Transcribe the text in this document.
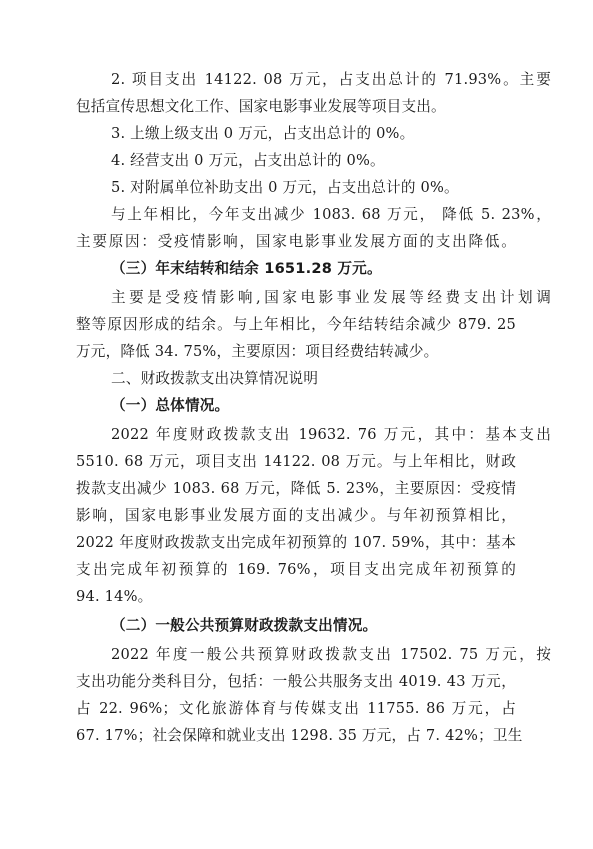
2. 项目支出 14122. 08 万元，占支出总计的 71.93%。主要
包括宣传思想文化工作、国家电影事业发展等项目支出。
3. 上缴上级支出 0 万元，占支出总计的 0%。
4. 经营支出 0 万元，占支出总计的 0%。
5. 对附属单位补助支出 0 万元，占支出总计的 0%。
与上年相比，今年支出减少 1083. 68 万元， 降低 5. 23%，
主要原因：受疫情影响，国家电影事业发展方面的支出降低。
（三）年末结转和结余 1651.28 万元。
主要是受疫情影响,国家电影事业发展等经费支出计划调
整等原因形成的结余。与上年相比，今年结转结余减少 879. 25
万元，降低 34. 75%，主要原因：项目经费结转减少。
二、财政拨款支出决算情况说明
（一）总体情况。
2022 年度财政拨款支出 19632. 76 万元，其中：基本支出
5510. 68 万元，项目支出 14122. 08 万元。与上年相比，财政
拨款支出减少 1083. 68 万元，降低 5. 23%，主要原因：受疫情
影响，国家电影事业发展方面的支出减少。与年初预算相比，
2022 年度财政拨款支出完成年初预算的 107. 59%，其中：基本
支出完成年初预算的 169. 76%，项目支出完成年初预算的
94. 14%。
（二）一般公共预算财政拨款支出情况。
2022 年度一般公共预算财政拨款支出 17502. 75 万元，按
支出功能分类科目分，包括：一般公共服务支出 4019. 43 万元，
占 22. 96%；文化旅游体育与传媒支出 11755. 86 万元，占
67. 17%；社会保障和就业支出 1298. 35 万元，占 7. 42%；卫生
